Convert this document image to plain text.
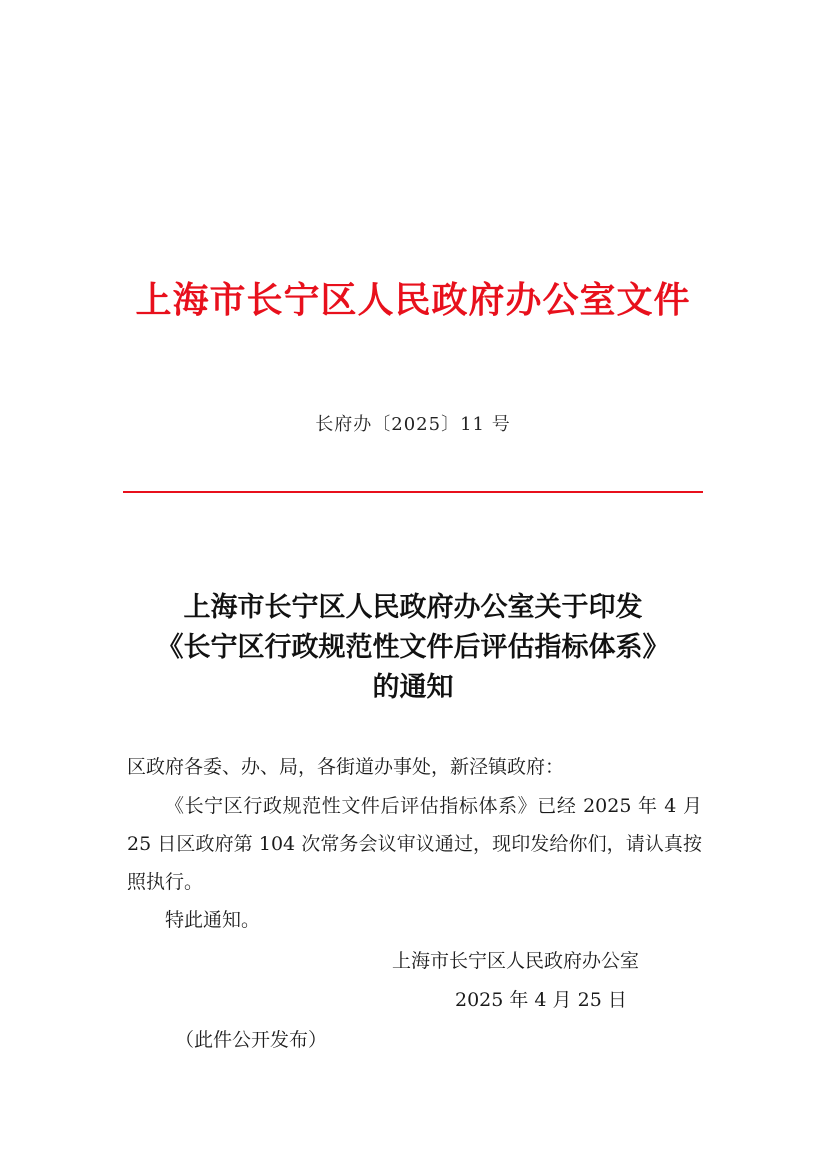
上海市长宁区人民政府办公室文件
长府办〔2025〕11 号
上海市长宁区人民政府办公室关于印发
《长宁区行政规范性文件后评估指标体系》
的通知
区政府各委、办、局，各街道办事处，新泾镇政府：
《长宁区行政规范性文件后评估指标体系》已经 2025 年 4 月 25 日区政府第 104 次常务会议审议通过，现印发给你们，请认真按照执行。
特此通知。
上海市长宁区人民政府办公室
2025 年 4 月 25 日
（此件公开发布）
